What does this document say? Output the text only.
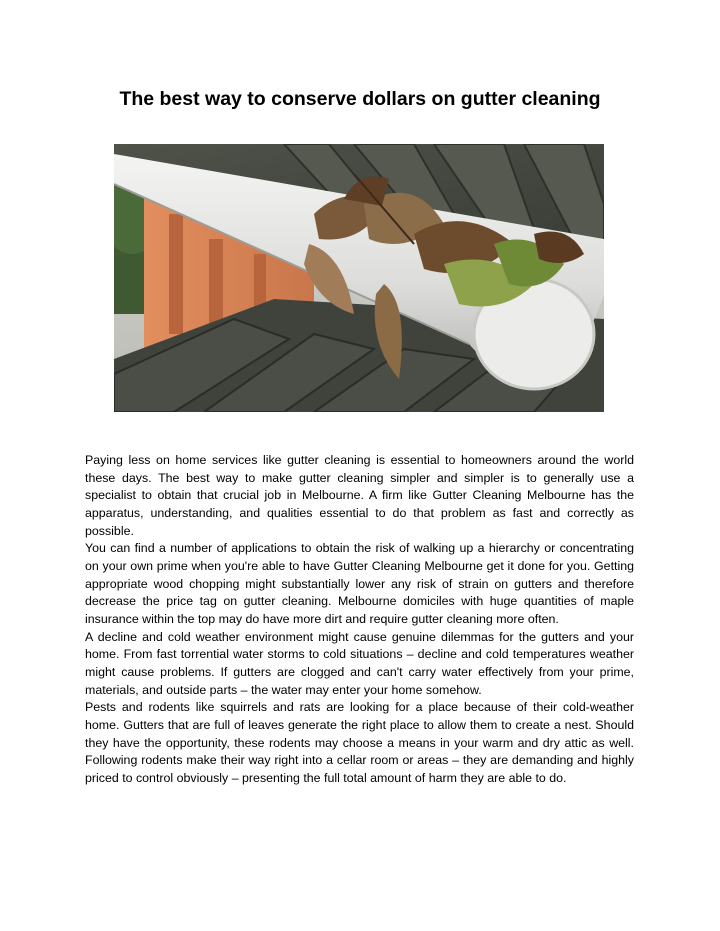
The best way to conserve dollars on gutter cleaning

Paying less on home services like gutter cleaning is essential to homeowners around the world these days. The best way to make gutter cleaning simpler and simpler is to generally use a specialist to obtain that crucial job in Melbourne. A firm like Gutter Cleaning Melbourne has the apparatus, understanding, and qualities essential to do that problem as fast and correctly as possible.

You can find a number of applications to obtain the risk of walking up a hierarchy or concentrating on your own prime when you're able to have Gutter Cleaning Melbourne get it done for you. Getting appropriate wood chopping might substantially lower any risk of strain on gutters and therefore decrease the price tag on gutter cleaning. Melbourne domiciles with huge quantities of maple insurance within the top may do have more dirt and require gutter cleaning more often.

A decline and cold weather environment might cause genuine dilemmas for the gutters and your home. From fast torrential water storms to cold situations – decline and cold temperatures weather might cause problems. If gutters are clogged and can't carry water effectively from your prime, materials, and outside parts – the water may enter your home somehow.

Pests and rodents like squirrels and rats are looking for a place because of their cold-weather home. Gutters that are full of leaves generate the right place to allow them to create a nest. Should they have the opportunity, these rodents may choose a means in your warm and dry attic as well. Following rodents make their way right into a cellar room or areas – they are demanding and highly priced to control obviously – presenting the full total amount of harm they are able to do.
